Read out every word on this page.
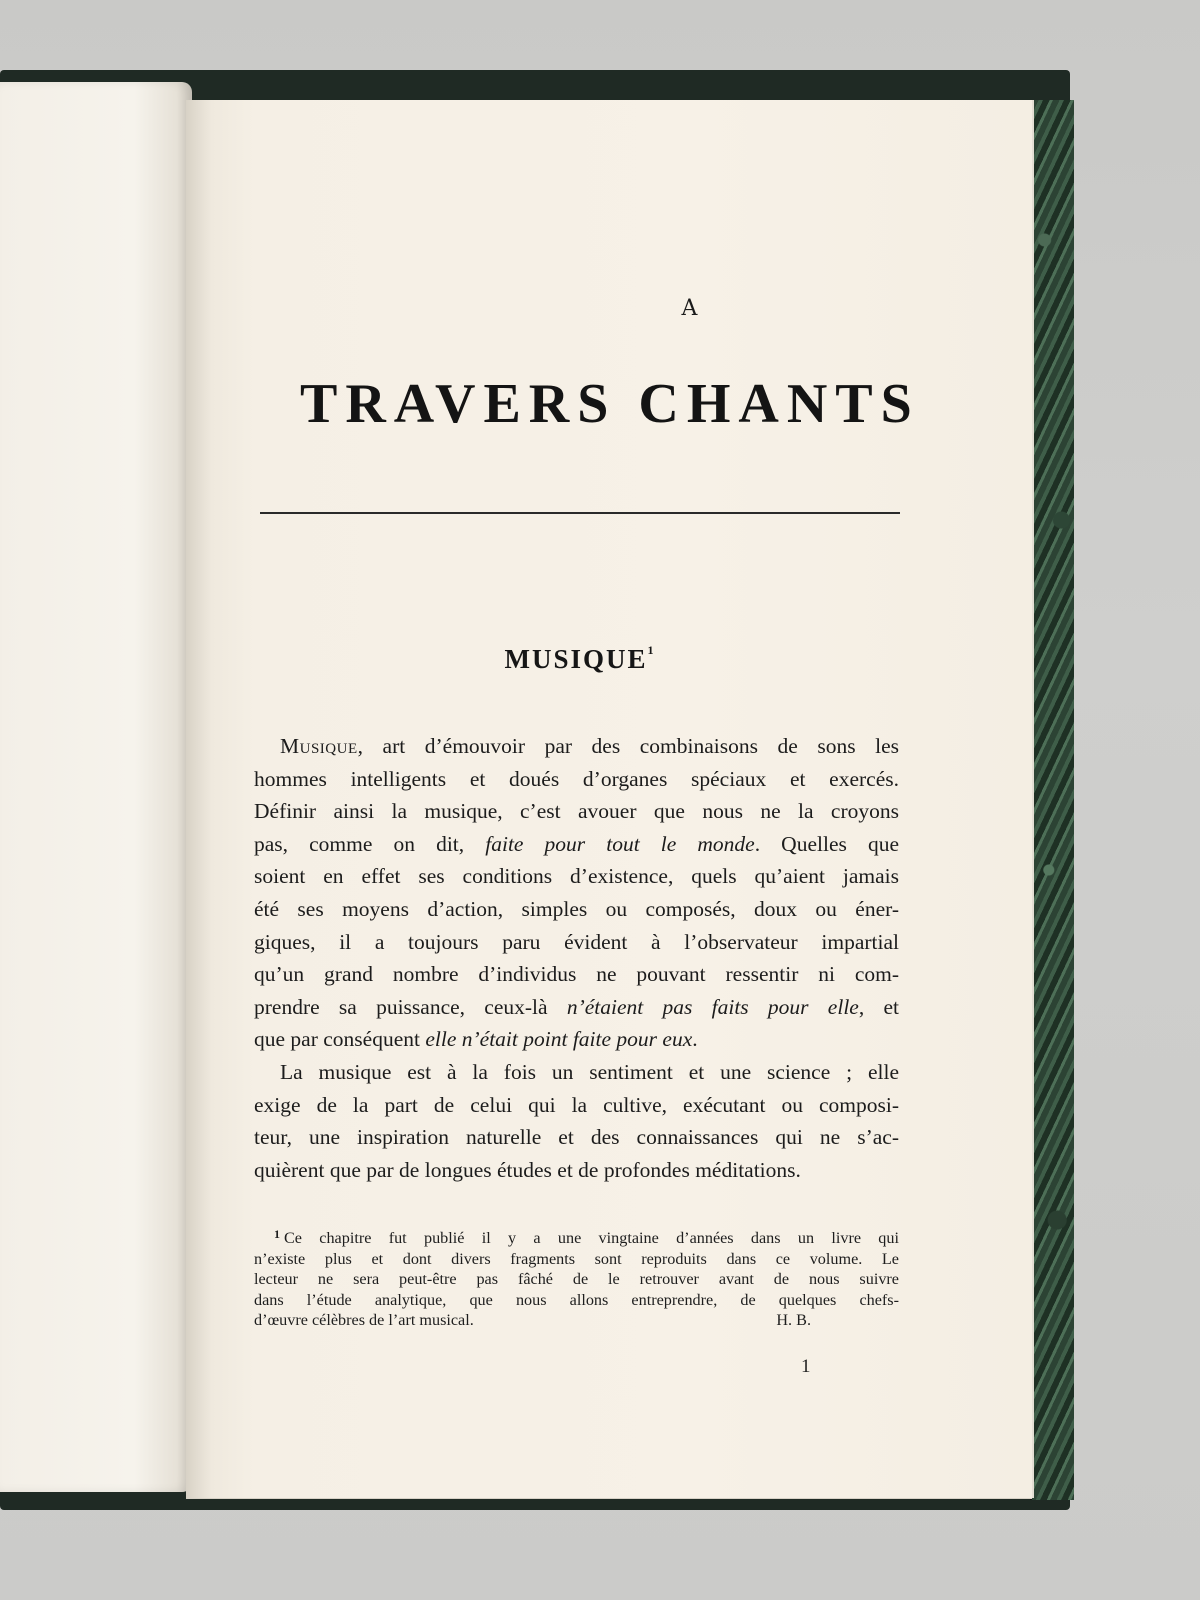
A
TRAVERS CHANTS
MUSIQUE$^1$
Musique, art d’émouvoir par des combinaisons de sons les
hommes intelligents et doués d’organes spéciaux et exercés.
Définir ainsi la musique, c’est avouer que nous ne la croyons
pas, comme on dit, faite pour tout le monde. Quelles que
soient en effet ses conditions d’existence, quels qu’aient jamais
été ses moyens d’action, simples ou composés, doux ou éner-
giques, il a toujours paru évident à l’observateur impartial
qu’un grand nombre d’individus ne pouvant ressentir ni com-
prendre sa puissance, ceux-là n’étaient pas faits pour elle, et
que par conséquent elle n’était point faite pour eux.
La musique est à la fois un sentiment et une science ; elle
exige de la part de celui qui la cultive, exécutant ou composi-
teur, une inspiration naturelle et des connaissances qui ne s’ac-
quièrent que par de longues études et de profondes méditations.
$^1$ Ce chapitre fut publié il y a une vingtaine d’années dans un livre qui
n’existe plus et dont divers fragments sont reproduits dans ce volume. Le
lecteur ne sera peut-être pas fâché de le retrouver avant de nous suivre
dans l’étude analytique, que nous allons entreprendre, de quelques chefs-
d’œuvre célèbres de l’art musical.	H. B.
1
